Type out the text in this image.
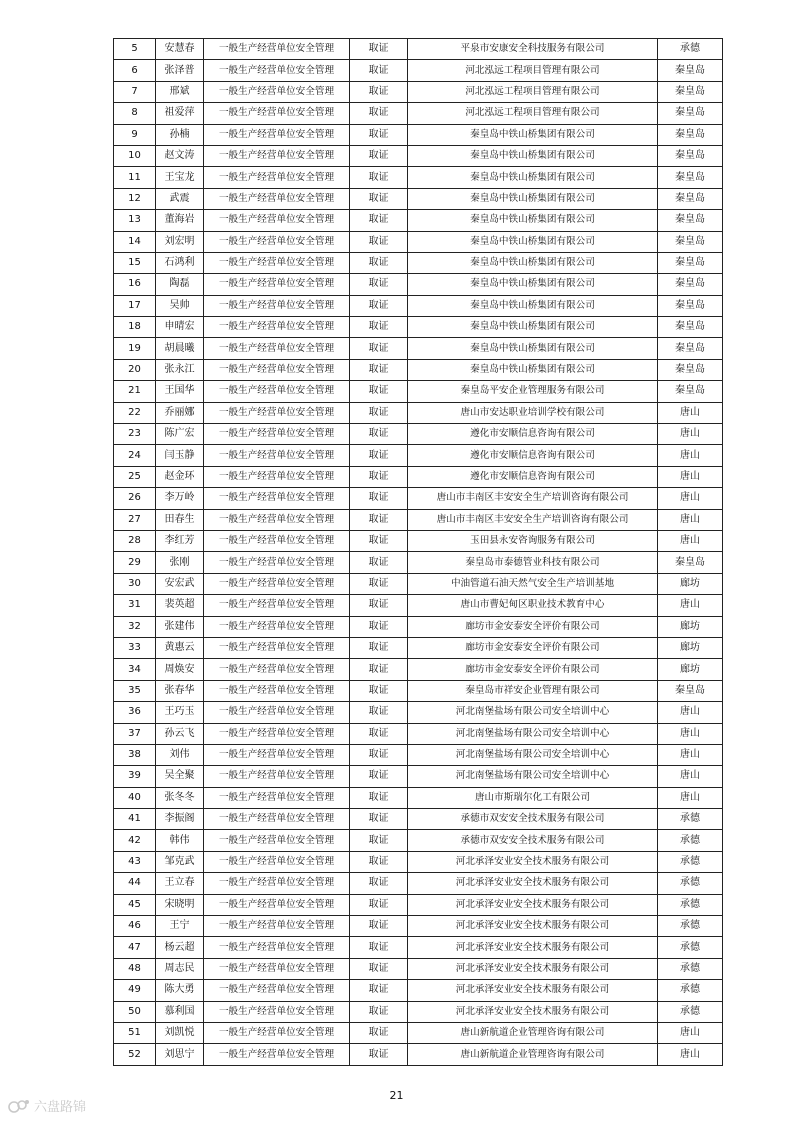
5	安慧春	一般生产经营单位安全管理	取证	平泉市安康安全科技服务有限公司	承德
6	张泽普	一般生产经营单位安全管理	取证	河北泓远工程项目管理有限公司	秦皇岛
7	邢斌	一般生产经营单位安全管理	取证	河北泓远工程项目管理有限公司	秦皇岛
8	祖爱萍	一般生产经营单位安全管理	取证	河北泓远工程项目管理有限公司	秦皇岛
9	孙楠	一般生产经营单位安全管理	取证	秦皇岛中铁山桥集团有限公司	秦皇岛
10	赵文涛	一般生产经营单位安全管理	取证	秦皇岛中铁山桥集团有限公司	秦皇岛
11	王宝龙	一般生产经营单位安全管理	取证	秦皇岛中铁山桥集团有限公司	秦皇岛
12	武震	一般生产经营单位安全管理	取证	秦皇岛中铁山桥集团有限公司	秦皇岛
13	董海岩	一般生产经营单位安全管理	取证	秦皇岛中铁山桥集团有限公司	秦皇岛
14	刘宏明	一般生产经营单位安全管理	取证	秦皇岛中铁山桥集团有限公司	秦皇岛
15	石鸿利	一般生产经营单位安全管理	取证	秦皇岛中铁山桥集团有限公司	秦皇岛
16	陶磊	一般生产经营单位安全管理	取证	秦皇岛中铁山桥集团有限公司	秦皇岛
17	吴帅	一般生产经营单位安全管理	取证	秦皇岛中铁山桥集团有限公司	秦皇岛
18	申晴宏	一般生产经营单位安全管理	取证	秦皇岛中铁山桥集团有限公司	秦皇岛
19	胡晨曦	一般生产经营单位安全管理	取证	秦皇岛中铁山桥集团有限公司	秦皇岛
20	张永江	一般生产经营单位安全管理	取证	秦皇岛中铁山桥集团有限公司	秦皇岛
21	王国华	一般生产经营单位安全管理	取证	秦皇岛平安企业管理服务有限公司	秦皇岛
22	乔丽娜	一般生产经营单位安全管理	取证	唐山市安达职业培训学校有限公司	唐山
23	陈广宏	一般生产经营单位安全管理	取证	遵化市安顺信息咨询有限公司	唐山
24	闫玉静	一般生产经营单位安全管理	取证	遵化市安顺信息咨询有限公司	唐山
25	赵金环	一般生产经营单位安全管理	取证	遵化市安顺信息咨询有限公司	唐山
26	李万岭	一般生产经营单位安全管理	取证	唐山市丰南区丰安安全生产培训咨询有限公司	唐山
27	田春生	一般生产经营单位安全管理	取证	唐山市丰南区丰安安全生产培训咨询有限公司	唐山
28	李红芳	一般生产经营单位安全管理	取证	玉田县永安咨询服务有限公司	唐山
29	张刚	一般生产经营单位安全管理	取证	秦皇岛市泰德管业科技有限公司	秦皇岛
30	安宏武	一般生产经营单位安全管理	取证	中油管道石油天然气安全生产培训基地	廊坊
31	裴英超	一般生产经营单位安全管理	取证	唐山市曹妃甸区职业技术教育中心	唐山
32	张建伟	一般生产经营单位安全管理	取证	廊坊市金安泰安全评价有限公司	廊坊
33	黄惠云	一般生产经营单位安全管理	取证	廊坊市金安泰安全评价有限公司	廊坊
34	周焕安	一般生产经营单位安全管理	取证	廊坊市金安泰安全评价有限公司	廊坊
35	张春华	一般生产经营单位安全管理	取证	秦皇岛市祥安企业管理有限公司	秦皇岛
36	王巧玉	一般生产经营单位安全管理	取证	河北南堡盐场有限公司安全培训中心	唐山
37	孙云飞	一般生产经营单位安全管理	取证	河北南堡盐场有限公司安全培训中心	唐山
38	刘伟	一般生产经营单位安全管理	取证	河北南堡盐场有限公司安全培训中心	唐山
39	吴全聚	一般生产经营单位安全管理	取证	河北南堡盐场有限公司安全培训中心	唐山
40	张冬冬	一般生产经营单位安全管理	取证	唐山市斯瑞尔化工有限公司	唐山
41	李振阁	一般生产经营单位安全管理	取证	承德市双安安全技术服务有限公司	承德
42	韩伟	一般生产经营单位安全管理	取证	承德市双安安全技术服务有限公司	承德
43	邹克武	一般生产经营单位安全管理	取证	河北承泽安业安全技术服务有限公司	承德
44	王立春	一般生产经营单位安全管理	取证	河北承泽安业安全技术服务有限公司	承德
45	宋晓明	一般生产经营单位安全管理	取证	河北承泽安业安全技术服务有限公司	承德
46	王宁	一般生产经营单位安全管理	取证	河北承泽安业安全技术服务有限公司	承德
47	杨云超	一般生产经营单位安全管理	取证	河北承泽安业安全技术服务有限公司	承德
48	周志民	一般生产经营单位安全管理	取证	河北承泽安业安全技术服务有限公司	承德
49	陈大勇	一般生产经营单位安全管理	取证	河北承泽安业安全技术服务有限公司	承德
50	慕利国	一般生产经营单位安全管理	取证	河北承泽安业安全技术服务有限公司	承德
51	刘凯悦	一般生产经营单位安全管理	取证	唐山新航道企业管理咨询有限公司	唐山
52	刘思宁	一般生产经营单位安全管理	取证	唐山新航道企业管理咨询有限公司	唐山
21
六盘路锦
